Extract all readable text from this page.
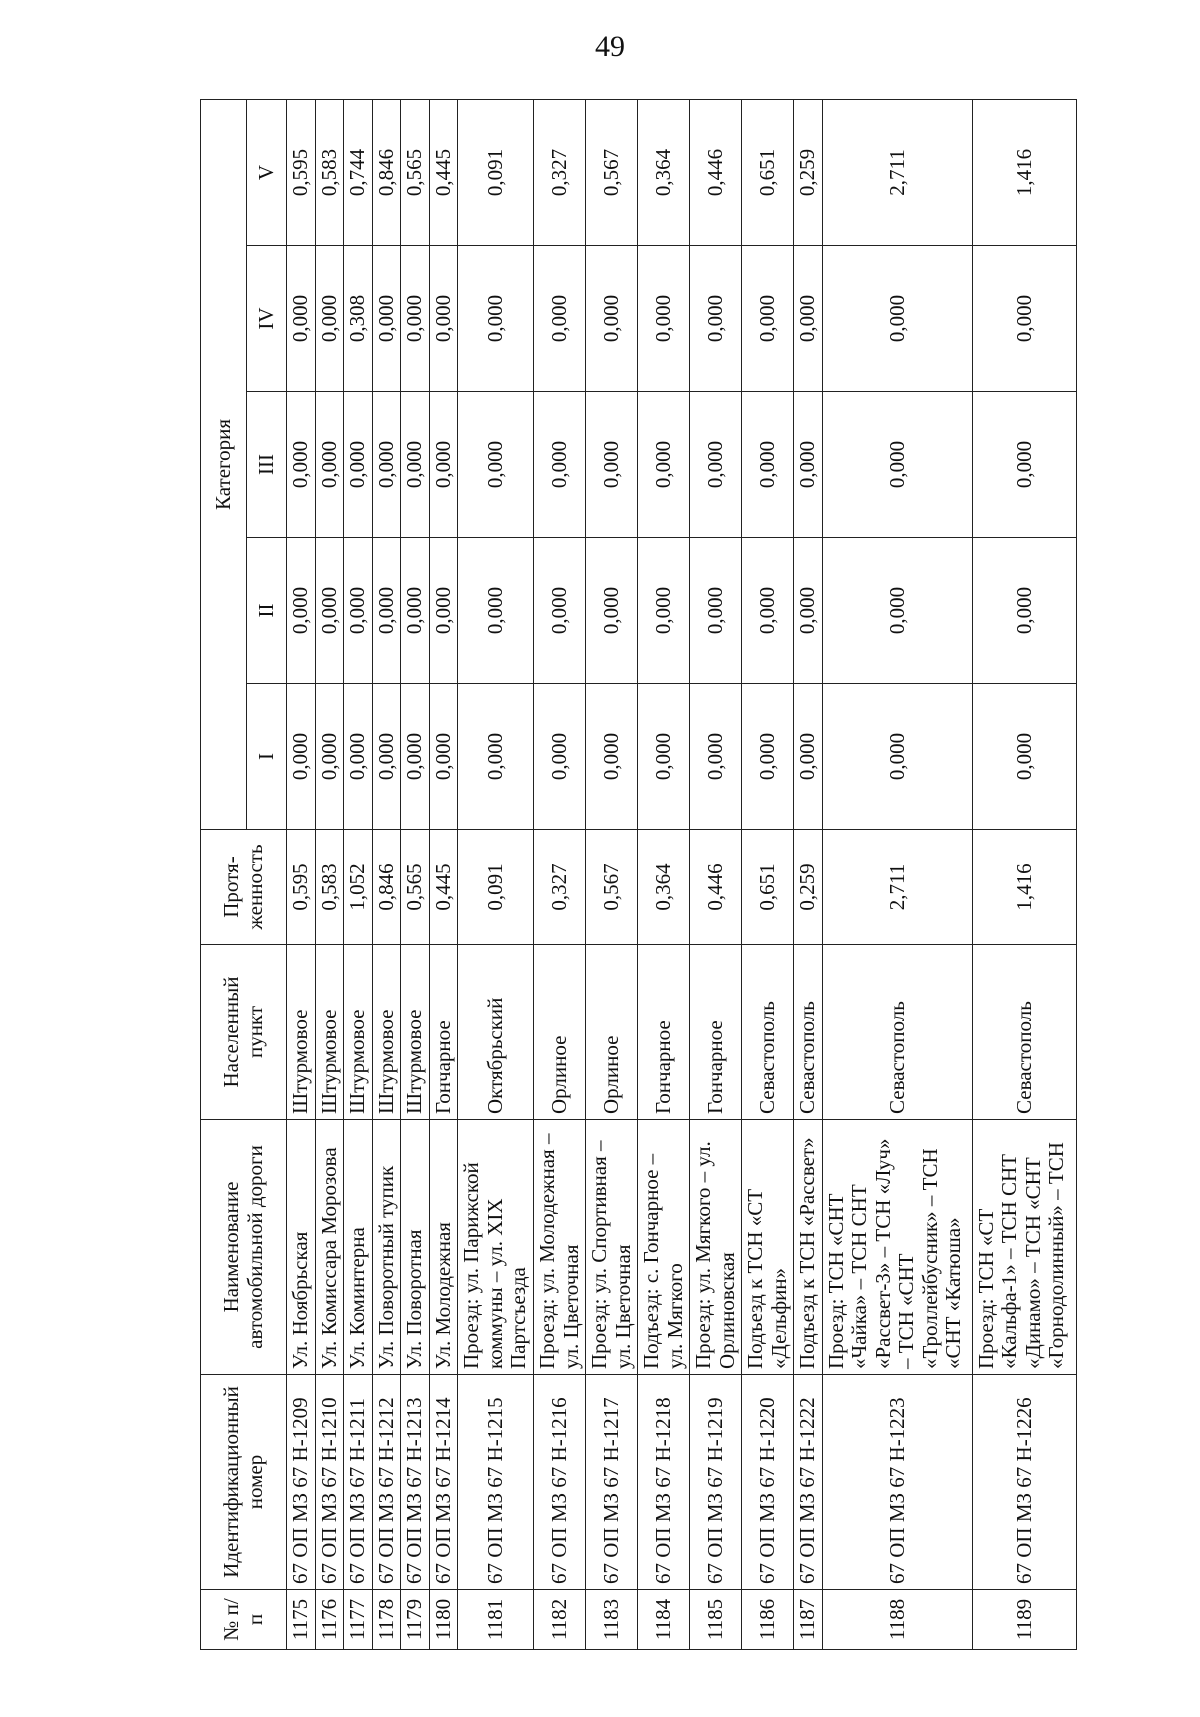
49
№ п/п	Идентификационный номер	Наименование автомобильной дороги	Населенный пункт	Протя-женность	Категория				
					I	II	III	IV	V
1175	67 ОП МЗ 67 Н-1209	Ул. Ноябрьская	Штурмовое	0,595	0,000	0,000	0,000	0,000	0,595
1176	67 ОП МЗ 67 Н-1210	Ул. Комиссара Морозова	Штурмовое	0,583	0,000	0,000	0,000	0,000	0,583
1177	67 ОП МЗ 67 Н-1211	Ул. Коминтерна	Штурмовое	1,052	0,000	0,000	0,000	0,308	0,744
1178	67 ОП МЗ 67 Н-1212	Ул. Поворотный тупик	Штурмовое	0,846	0,000	0,000	0,000	0,000	0,846
1179	67 ОП МЗ 67 Н-1213	Ул. Поворотная	Штурмовое	0,565	0,000	0,000	0,000	0,000	0,565
1180	67 ОП МЗ 67 Н-1214	Ул. Молодежная	Гончарное	0,445	0,000	0,000	0,000	0,000	0,445
1181	67 ОП МЗ 67 Н-1215	Проезд: ул. Парижской коммуны – ул. XIX Партсъезда	Октябрьский	0,091	0,000	0,000	0,000	0,000	0,091
1182	67 ОП МЗ 67 Н-1216	Проезд: ул. Молодежная – ул. Цветочная	Орлиное	0,327	0,000	0,000	0,000	0,000	0,327
1183	67 ОП МЗ 67 Н-1217	Проезд: ул. Спортивная – ул. Цветочная	Орлиное	0,567	0,000	0,000	0,000	0,000	0,567
1184	67 ОП МЗ 67 Н-1218	Подъезд: с. Гончарное – ул. Мягкого	Гончарное	0,364	0,000	0,000	0,000	0,000	0,364
1185	67 ОП МЗ 67 Н-1219	Проезд: ул. Мягкого – ул. Орлиновская	Гончарное	0,446	0,000	0,000	0,000	0,000	0,446
1186	67 ОП МЗ 67 Н-1220	Подъезд к ТСН «СТ «Дельфин»	Севастополь	0,651	0,000	0,000	0,000	0,000	0,651
1187	67 ОП МЗ 67 Н-1222	Подъезд к ТСН «Рассвет»	Севастополь	0,259	0,000	0,000	0,000	0,000	0,259
1188	67 ОП МЗ 67 Н-1223	Проезд: ТСН «СНТ «Чайка» – ТСН СНТ «Рассвет-3» – ТСН «Луч» – ТСН «СНТ «Троллейбусник» – ТСН «СНТ «Катюша»	Севастополь	2,711	0,000	0,000	0,000	0,000	2,711
1189	67 ОП МЗ 67 Н-1226	Проезд: ТСН «СТ «Кальфа-1» – ТСН СНТ «Динамо» – ТСН «СНТ «Горнодолинный» – ТСН	Севастополь	1,416	0,000	0,000	0,000	0,000	1,416
